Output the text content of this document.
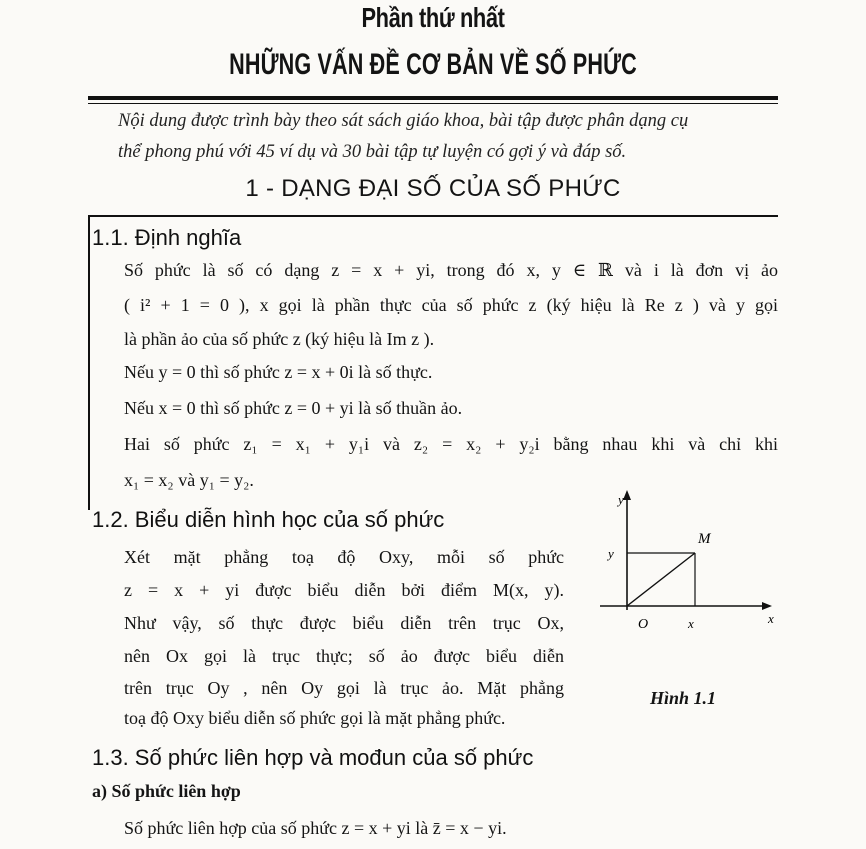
Phần thứ nhất
NHỮNG VẤN ĐỀ CƠ BẢN VỀ SỐ PHỨC

Nội dung được trình bày theo sát sách giáo khoa, bài tập được phân dạng cụ

thể phong phú với 45 ví dụ và 30 bài tập tự luyện có gợi ý và đáp số.

1 - DẠNG ĐẠI SỐ CỦA SỐ PHỨC
1.1. Định nghĩa
Số phức là số có dạng z = x + yi, trong đó x, y ∈ ℝ và i là đơn vị ảo
( i² + 1 = 0 ), x gọi là phần thực của số phức z (ký hiệu là Re z ) và y gọi
là phần ảo của số phức z (ký hiệu là Im z ).
Nếu y = 0 thì số phức z = x + 0i là số thực.
Nếu x = 0 thì số phức z = 0 + yi là số thuần ảo.
Hai số phức z₁ = x₁ + y₁i và z₂ = x₂ + y₂i bằng nhau khi và chỉ khi
x₁ = x₂ và y₁ = y₂.
1.2. Biểu diễn hình học của số phức
Xét mặt phẳng toạ độ Oxy, mỗi số phức
z = x + yi được biểu diễn bởi điểm M(x, y).
Như vậy, số thực được biểu diễn trên trục Ox,
nên Ox gọi là trục thực; số ảo được biểu diễn
trên trục Oy , nên Oy gọi là trục ảo. Mặt phẳng
toạ độ Oxy biểu diễn số phức gọi là mặt phẳng phức.
y
x
O
M
y
x
Hình 1.1
1.3. Số phức liên hợp và mođun của số phức
a) Số phức liên hợp
Số phức liên hợp của số phức z = x + yi là z̄ = x − yi.
